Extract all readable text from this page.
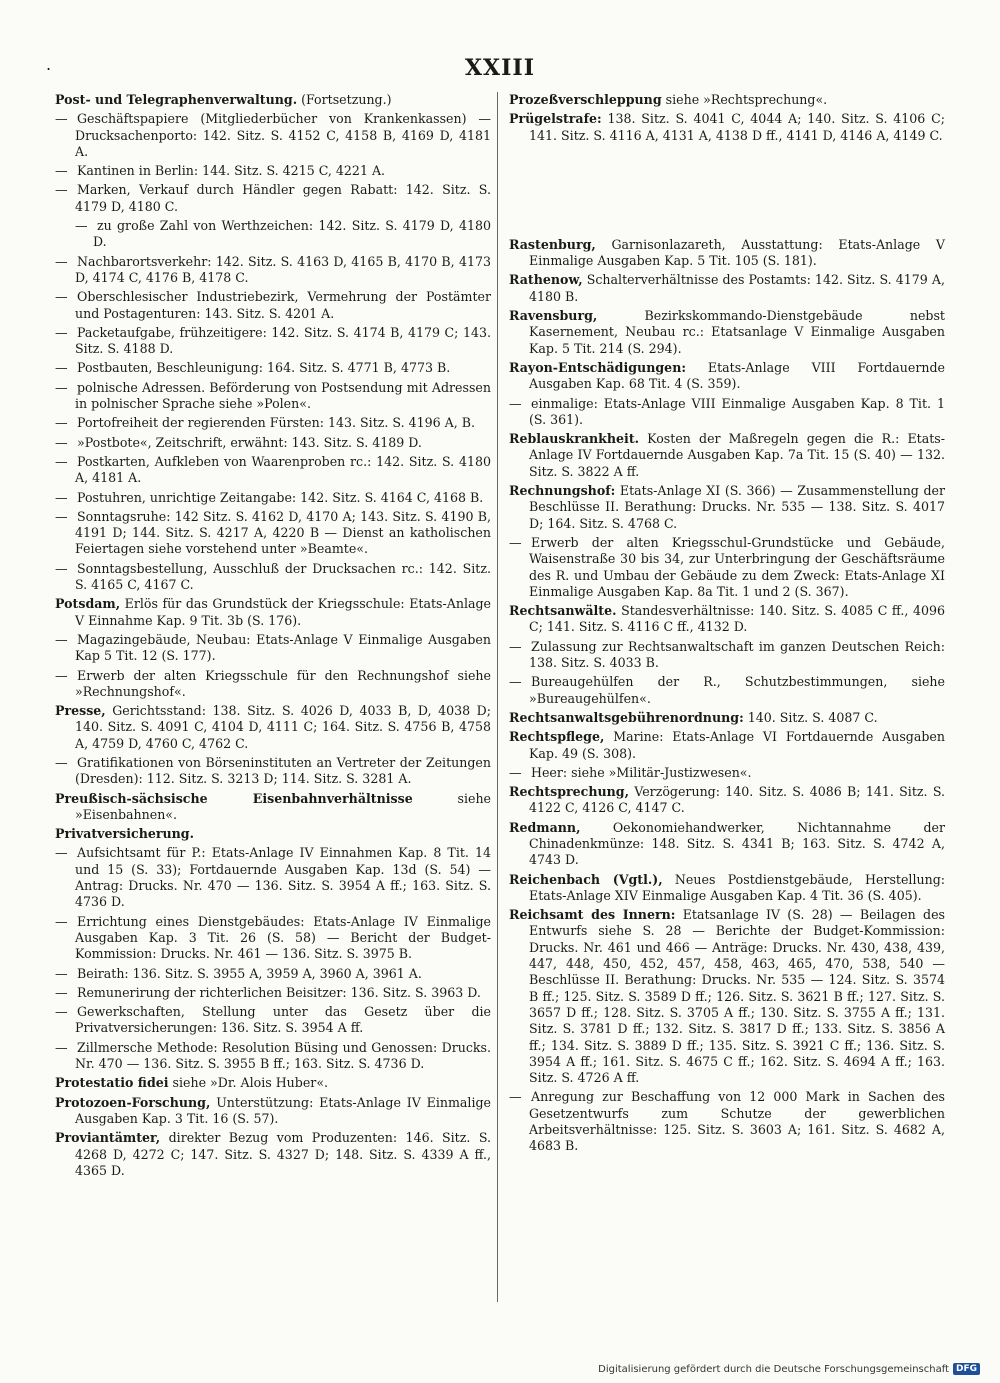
.	XXIII
Post- und Telegraphenverwaltung. (Fortsetzung.)
— Geschäftspapiere (Mitgliederbücher von Krankenkassen) — Drucksachenporto: 142. Sitz. S. 4152 C, 4158 B, 4169 D, 4181 A.
— Kantinen in Berlin: 144. Sitz. S. 4215 C, 4221 A.
— Marken, Verkauf durch Händler gegen Rabatt: 142. Sitz. S. 4179 D, 4180 C.
— zu große Zahl von Werthzeichen: 142. Sitz. S. 4179 D, 4180 D.
— Nachbarortsverkehr: 142. Sitz. S. 4163 D, 4165 B, 4170 B, 4173 D, 4174 C, 4176 B, 4178 C.
— Oberschlesischer Industriebezirk, Vermehrung der Postämter und Postagenturen: 143. Sitz. S. 4201 A.
— Packetaufgabe, frühzeitigere: 142. Sitz. S. 4174 B, 4179 C; 143. Sitz. S. 4188 D.
— Postbauten, Beschleunigung: 164. Sitz. S. 4771 B, 4773 B.
— polnische Adressen. Beförderung von Postsendung mit Adressen in polnischer Sprache siehe »Polen«.
— Portofreiheit der regierenden Fürsten: 143. Sitz. S. 4196 A, B.
— »Postbote«, Zeitschrift, erwähnt: 143. Sitz. S. 4189 D.
— Postkarten, Aufkleben von Waarenproben rc.: 142. Sitz. S. 4180 A, 4181 A.
— Postuhren, unrichtige Zeitangabe: 142. Sitz. S. 4164 C, 4168 B.
— Sonntagsruhe: 142 Sitz. S. 4162 D, 4170 A; 143. Sitz. S. 4190 B, 4191 D; 144. Sitz. S. 4217 A, 4220 B — Dienst an katholischen Feiertagen siehe vorstehend unter »Beamte«.
— Sonntagsbestellung, Ausschluß der Drucksachen rc.: 142. Sitz. S. 4165 C, 4167 C.
Potsdam, Erlös für das Grundstück der Kriegsschule: Etats-Anlage V Einnahme Kap. 9 Tit. 3b (S. 176).
— Magazingebäude, Neubau: Etats-Anlage V Einmalige Ausgaben Kap 5 Tit. 12 (S. 177).
— Erwerb der alten Kriegsschule für den Rechnungshof siehe »Rechnungshof«.
Presse, Gerichtsstand: 138. Sitz. S. 4026 D, 4033 B, D, 4038 D; 140. Sitz. S. 4091 C, 4104 D, 4111 C; 164. Sitz. S. 4756 B, 4758 A, 4759 D, 4760 C, 4762 C.
— Gratifikationen von Börseninstituten an Vertreter der Zeitungen (Dresden): 112. Sitz. S. 3213 D; 114. Sitz. S. 3281 A.
Preußisch-sächsische Eisenbahnverhältnisse siehe »Eisenbahnen«.
Privatversicherung.
— Aufsichtsamt für P.: Etats-Anlage IV Einnahmen Kap. 8 Tit. 14 und 15 (S. 33); Fortdauernde Ausgaben Kap. 13d (S. 54) — Antrag: Drucks. Nr. 470 — 136. Sitz. S. 3954 A ff.; 163. Sitz. S. 4736 D.
— Errichtung eines Dienstgebäudes: Etats-Anlage IV Einmalige Ausgaben Kap. 3 Tit. 26 (S. 58) — Bericht der Budget-Kommission: Drucks. Nr. 461 — 136. Sitz. S. 3975 B.
— Beirath: 136. Sitz. S. 3955 A, 3959 A, 3960 A, 3961 A.
— Remunerirung der richterlichen Beisitzer: 136. Sitz. S. 3963 D.
— Gewerkschaften, Stellung unter das Gesetz über die Privatversicherungen: 136. Sitz. S. 3954 A ff.
— Zillmersche Methode: Resolution Büsing und Genossen: Drucks. Nr. 470 — 136. Sitz. S. 3955 B ff.; 163. Sitz. S. 4736 D.
Protestatio fidei siehe »Dr. Alois Huber«.
Protozoen-Forschung, Unterstützung: Etats-Anlage IV Einmalige Ausgaben Kap. 3 Tit. 16 (S. 57).
Proviantämter, direkter Bezug vom Produzenten: 146. Sitz. S. 4268 D, 4272 C; 147. Sitz. S. 4327 D; 148. Sitz. S. 4339 A ff., 4365 D.
Prozeßverschleppung siehe »Rechtsprechung«.
Prügelstrafe: 138. Sitz. S. 4041 C, 4044 A; 140. Sitz. S. 4106 C; 141. Sitz. S. 4116 A, 4131 A, 4138 D ff., 4141 D, 4146 A, 4149 C.
Rastenburg, Garnisonlazareth, Ausstattung: Etats-Anlage V Einmalige Ausgaben Kap. 5 Tit. 105 (S. 181).
Rathenow, Schalterverhältnisse des Postamts: 142. Sitz. S. 4179 A, 4180 B.
Ravensburg, Bezirkskommando-Dienstgebäude nebst Kasernement, Neubau rc.: Etatsanlage V Einmalige Ausgaben Kap. 5 Tit. 214 (S. 294).
Rayon-Entschädigungen: Etats-Anlage VIII Fortdauernde Ausgaben Kap. 68 Tit. 4 (S. 359).
— einmalige: Etats-Anlage VIII Einmalige Ausgaben Kap. 8 Tit. 1 (S. 361).
Reblauskrankheit. Kosten der Maßregeln gegen die R.: Etats-Anlage IV Fortdauernde Ausgaben Kap. 7a Tit. 15 (S. 40) — 132. Sitz. S. 3822 A ff.
Rechnungshof: Etats-Anlage XI (S. 366) — Zusammenstellung der Beschlüsse II. Berathung: Drucks. Nr. 535 — 138. Sitz. S. 4017 D; 164. Sitz. S. 4768 C.
— Erwerb der alten Kriegsschul-Grundstücke und Gebäude, Waisenstraße 30 bis 34, zur Unterbringung der Geschäftsräume des R. und Umbau der Gebäude zu dem Zweck: Etats-Anlage XI Einmalige Ausgaben Kap. 8a Tit. 1 und 2 (S. 367).
Rechtsanwälte. Standesverhältnisse: 140. Sitz. S. 4085 C ff., 4096 C; 141. Sitz. S. 4116 C ff., 4132 D.
— Zulassung zur Rechtsanwaltschaft im ganzen Deutschen Reich: 138. Sitz. S. 4033 B.
— Bureaugehülfen der R., Schutzbestimmungen, siehe »Bureaugehülfen«.
Rechtsanwaltsgebührenordnung: 140. Sitz. S. 4087 C.
Rechtspflege, Marine: Etats-Anlage VI Fortdauernde Ausgaben Kap. 49 (S. 308).
— Heer: siehe »Militär-Justizwesen«.
Rechtsprechung, Verzögerung: 140. Sitz. S. 4086 B; 141. Sitz. S. 4122 C, 4126 C, 4147 C.
Redmann, Oekonomiehandwerker, Nichtannahme der Chinadenkmünze: 148. Sitz. S. 4341 B; 163. Sitz. S. 4742 A, 4743 D.
Reichenbach (Vgtl.), Neues Postdienstgebäude, Herstellung: Etats-Anlage XIV Einmalige Ausgaben Kap. 4 Tit. 36 (S. 405).
Reichsamt des Innern: Etatsanlage IV (S. 28) — Beilagen des Entwurfs siehe S. 28 — Berichte der Budget-Kommission: Drucks. Nr. 461 und 466 — Anträge: Drucks. Nr. 430, 438, 439, 447, 448, 450, 452, 457, 458, 463, 465, 470, 538, 540 — Beschlüsse II. Berathung: Drucks. Nr. 535 — 124. Sitz. S. 3574 B ff.; 125. Sitz. S. 3589 D ff.; 126. Sitz. S. 3621 B ff.; 127. Sitz. S. 3657 D ff.; 128. Sitz. S. 3705 A ff.; 130. Sitz. S. 3755 A ff.; 131. Sitz. S. 3781 D ff.; 132. Sitz. S. 3817 D ff.; 133. Sitz. S. 3856 A ff.; 134. Sitz. S. 3889 D ff.; 135. Sitz. S. 3921 C ff.; 136. Sitz. S. 3954 A ff.; 161. Sitz. S. 4675 C ff.; 162. Sitz. S. 4694 A ff.; 163. Sitz. S. 4726 A ff.
— Anregung zur Beschaffung von 12 000 Mark in Sachen des Gesetzentwurfs zum Schutze der gewerblichen Arbeitsverhältnisse: 125. Sitz. S. 3603 A; 161. Sitz. S. 4682 A, 4683 B.
Digitalisierung gefördert durch die Deutsche Forschungsgemeinschaft DFG
